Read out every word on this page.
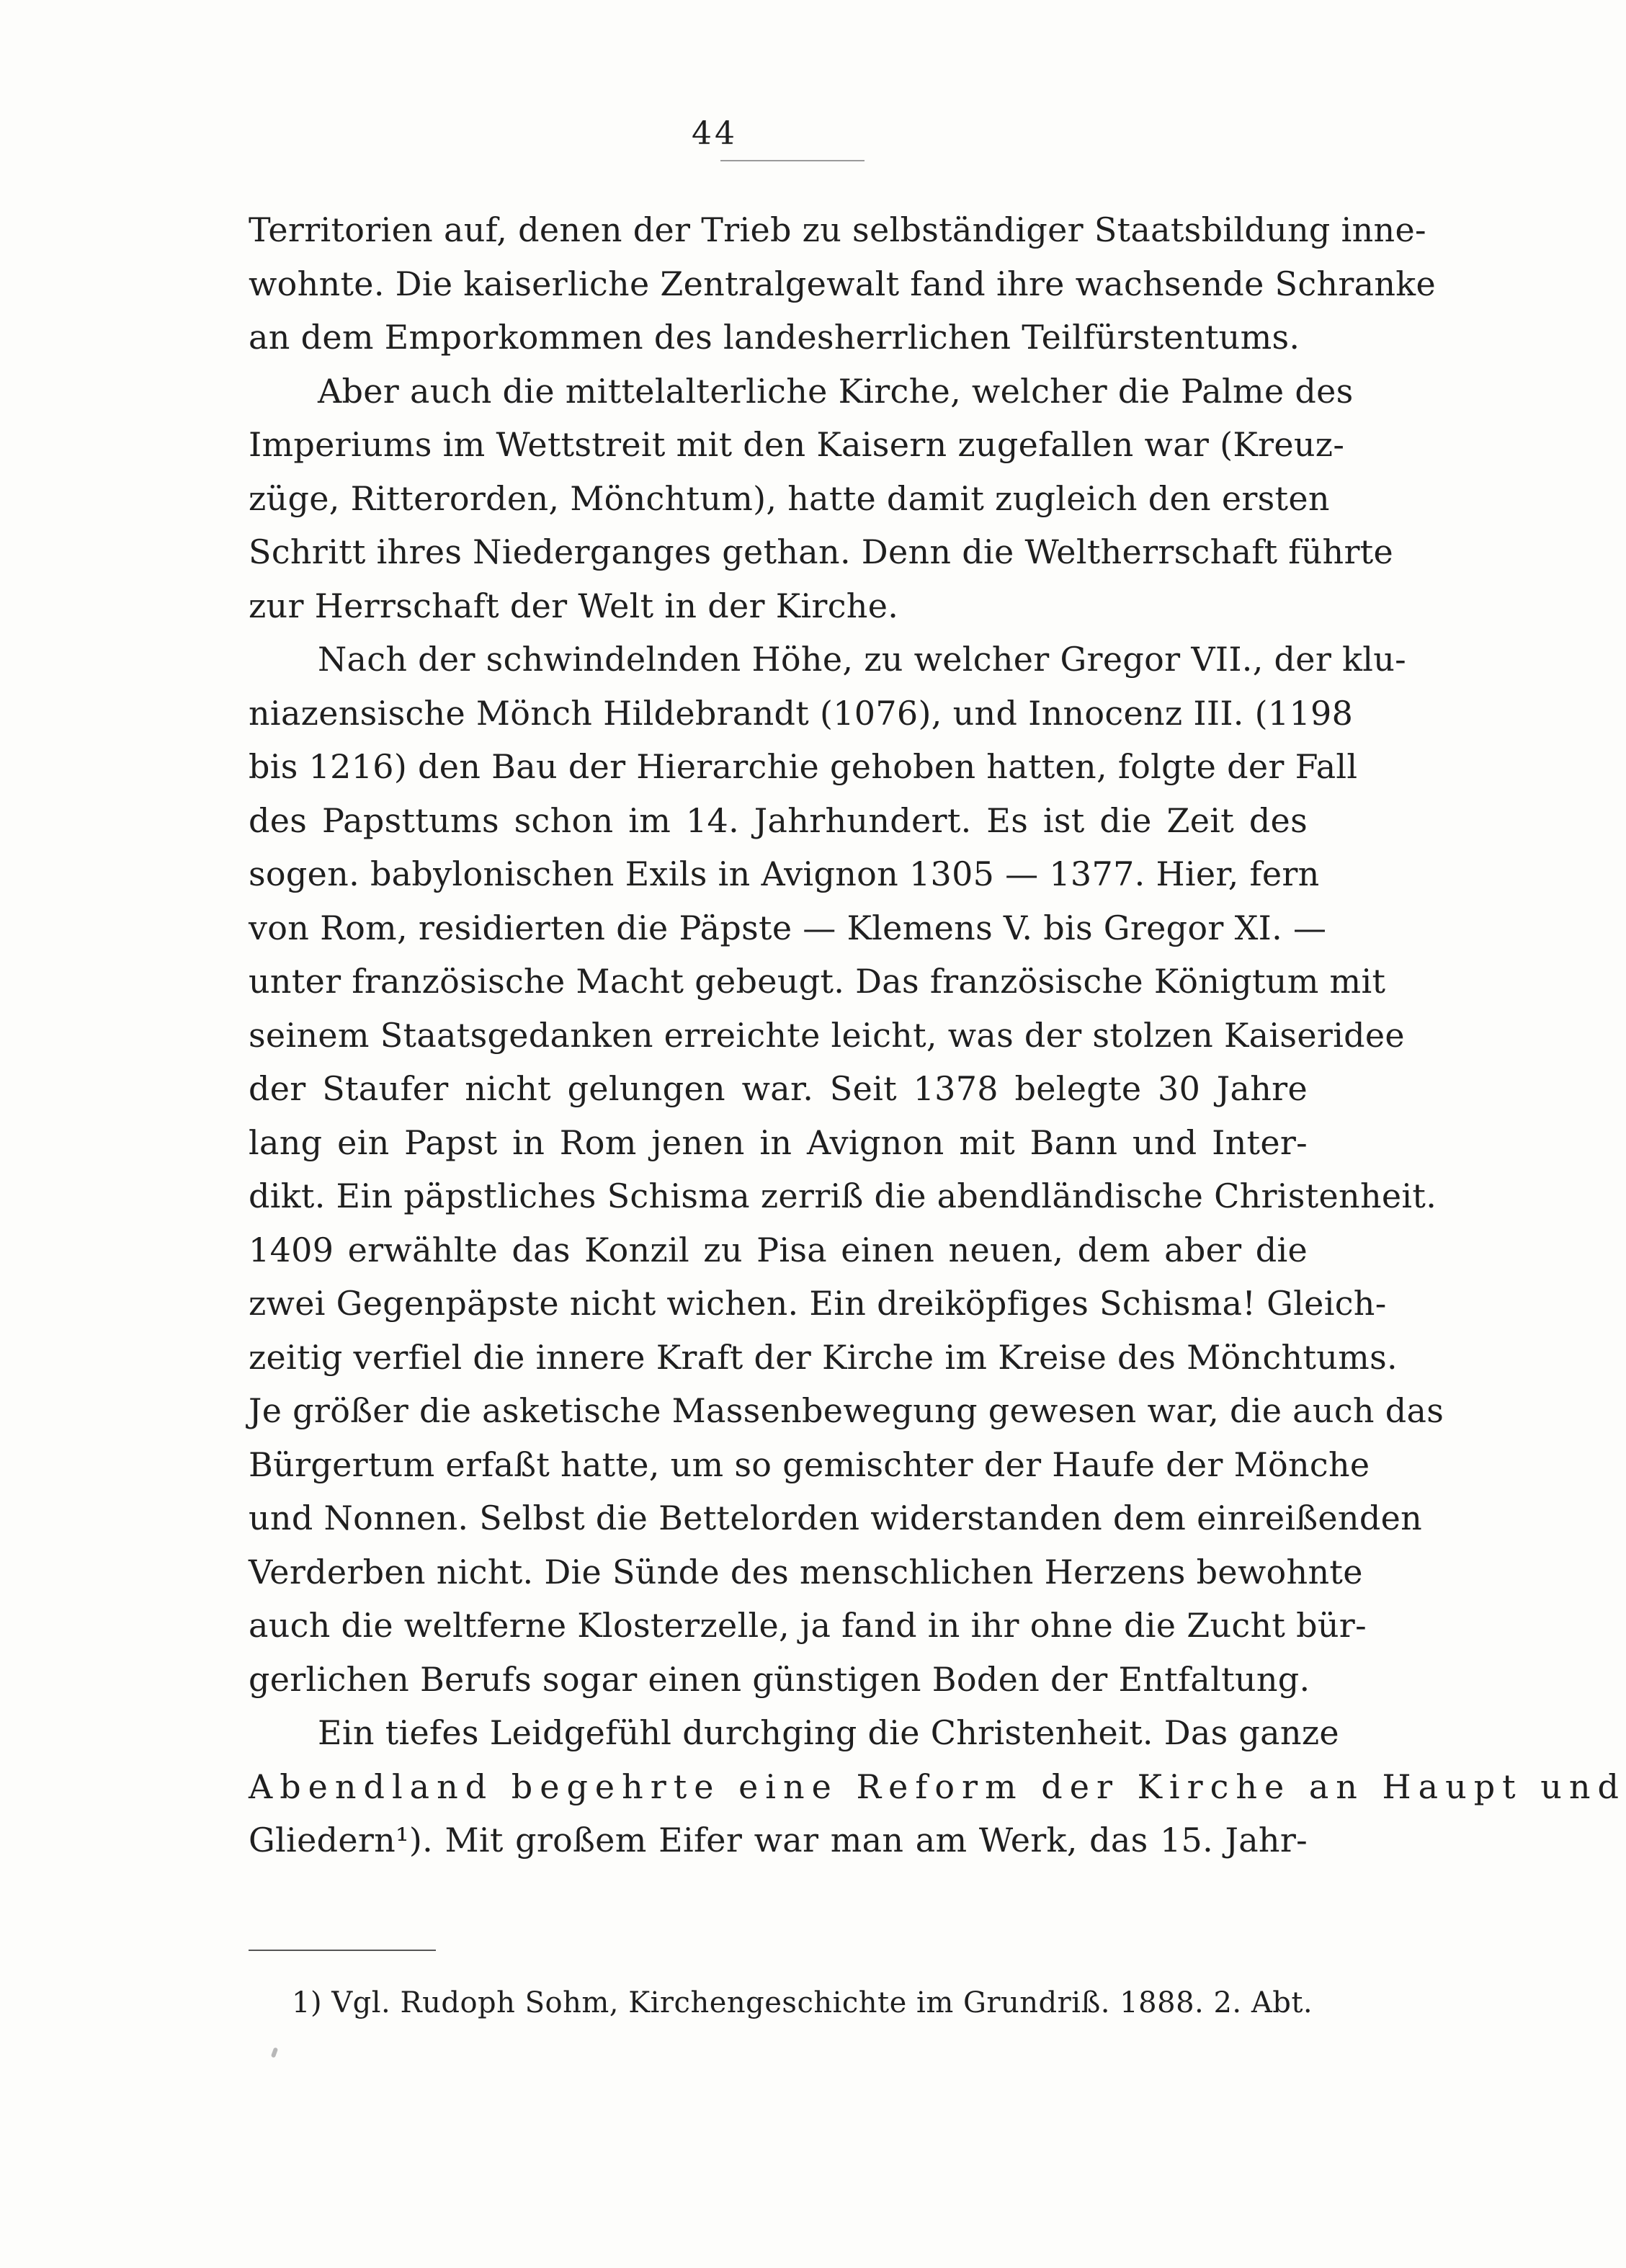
44
Territorien auf, denen der Trieb zu selbständiger Staatsbildung inne-
wohnte. Die kaiserliche Zentralgewalt fand ihre wachsende Schranke
an dem Emporkommen des landesherrlichen Teilfürstentums.
Aber auch die mittelalterliche Kirche, welcher die Palme des
Imperiums im Wettstreit mit den Kaisern zugefallen war (Kreuz-
züge, Ritterorden, Mönchtum), hatte damit zugleich den ersten
Schritt ihres Niederganges gethan. Denn die Weltherrschaft führte
zur Herrschaft der Welt in der Kirche.
Nach der schwindelnden Höhe, zu welcher Gregor VII., der klu-
niazensische Mönch Hildebrandt (1076), und Innocenz III. (1198
bis 1216) den Bau der Hierarchie gehoben hatten, folgte der Fall
des Papsttums schon im 14. Jahrhundert. Es ist die Zeit des
sogen. babylonischen Exils in Avignon 1305 — 1377. Hier, fern
von Rom, residierten die Päpste — Klemens V. bis Gregor XI. —
unter französische Macht gebeugt. Das französische Königtum mit
seinem Staatsgedanken erreichte leicht, was der stolzen Kaiseridee
der Staufer nicht gelungen war. Seit 1378 belegte 30 Jahre
lang ein Papst in Rom jenen in Avignon mit Bann und Inter-
dikt. Ein päpstliches Schisma zerriß die abendländische Christenheit.
1409 erwählte das Konzil zu Pisa einen neuen, dem aber die
zwei Gegenpäpste nicht wichen. Ein dreiköpfiges Schisma! Gleich-
zeitig verfiel die innere Kraft der Kirche im Kreise des Mönchtums.
Je größer die asketische Massenbewegung gewesen war, die auch das
Bürgertum erfaßt hatte, um so gemischter der Haufe der Mönche
und Nonnen. Selbst die Bettelorden widerstanden dem einreißenden
Verderben nicht. Die Sünde des menschlichen Herzens bewohnte
auch die weltferne Klosterzelle, ja fand in ihr ohne die Zucht bür-
gerlichen Berufs sogar einen günstigen Boden der Entfaltung.
Ein tiefes Leidgefühl durchging die Christenheit. Das ganze
Abendland begehrte eine Reform der Kirche an Haupt und
Gliedern¹). Mit großem Eifer war man am Werk, das 15. Jahr-
1) Vgl. Rudoph Sohm, Kirchengeschichte im Grundriß. 1888. 2. Abt.
